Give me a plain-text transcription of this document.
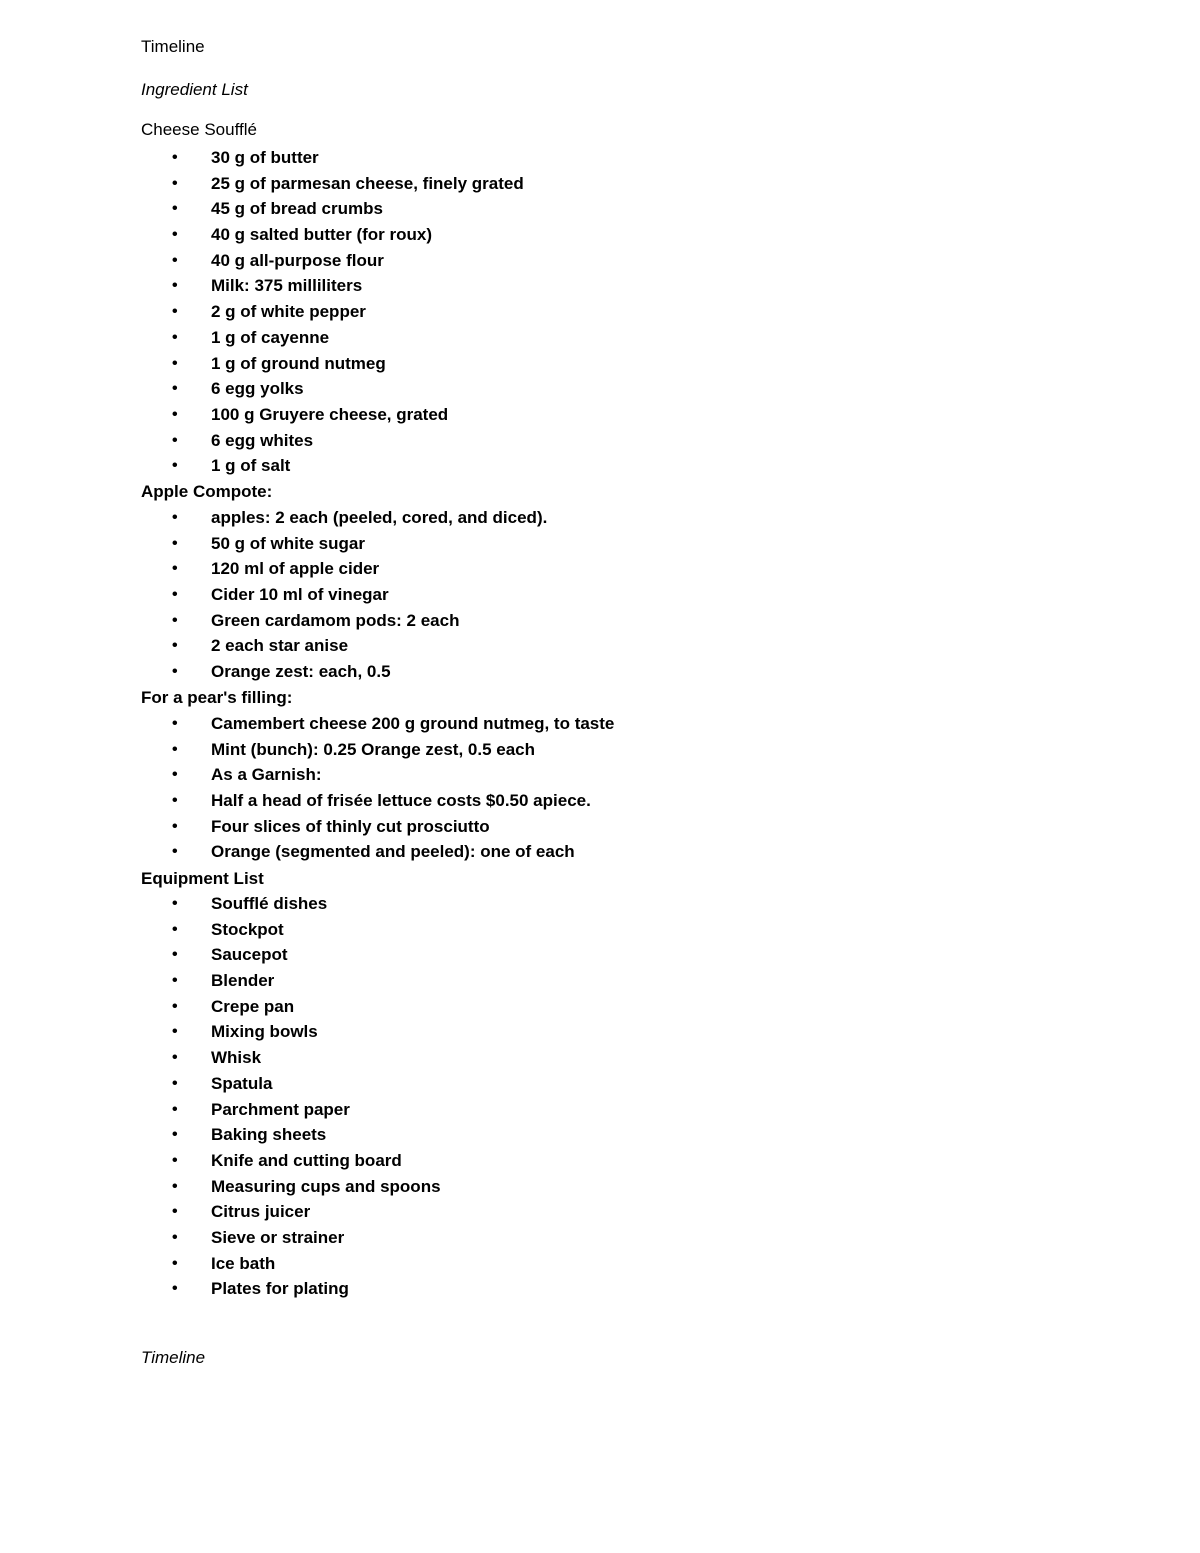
Timeline
Ingredient List
Cheese Soufflé
• 30 g of butter
• 25 g of parmesan cheese, finely grated
• 45 g of bread crumbs
• 40 g salted butter (for roux)
• 40 g all-purpose flour
• Milk: 375 milliliters
• 2 g of white pepper
• 1 g of cayenne
• 1 g of ground nutmeg
• 6 egg yolks
• 100 g Gruyere cheese, grated
• 6 egg whites
• 1 g of salt
Apple Compote:
• apples: 2 each (peeled, cored, and diced).
• 50 g of white sugar
• 120 ml of apple cider
• Cider 10 ml of vinegar
• Green cardamom pods: 2 each
• 2 each star anise
• Orange zest: each, 0.5
For a pear's filling:
• Camembert cheese 200 g ground nutmeg, to taste
• Mint (bunch): 0.25 Orange zest, 0.5 each
• As a Garnish:
• Half a head of frisée lettuce costs $0.50 apiece.
• Four slices of thinly cut prosciutto
• Orange (segmented and peeled): one of each
Equipment List
• Soufflé dishes
• Stockpot
• Saucepot
• Blender
• Crepe pan
• Mixing bowls
• Whisk
• Spatula
• Parchment paper
• Baking sheets
• Knife and cutting board
• Measuring cups and spoons
• Citrus juicer
• Sieve or strainer
• Ice bath
• Plates for plating
Timeline
